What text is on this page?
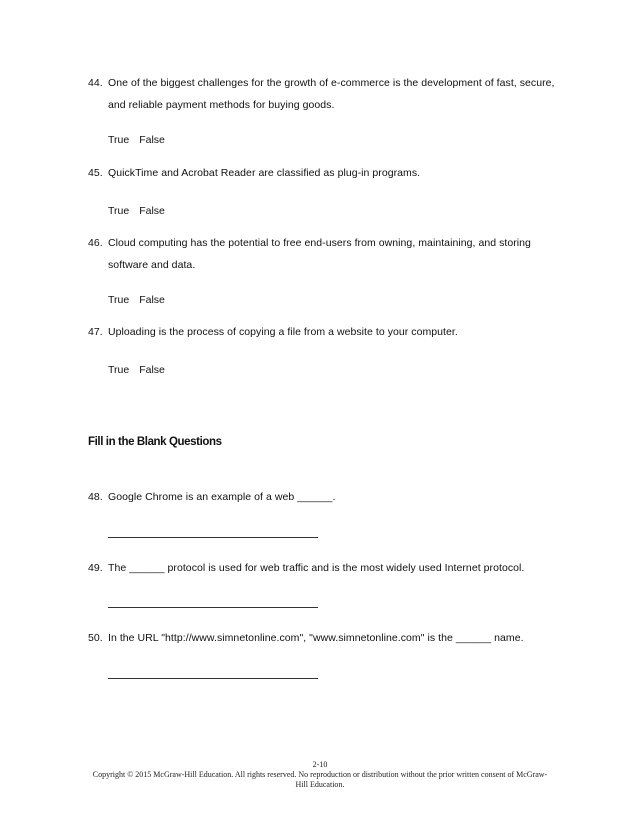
44. One of the biggest challenges for the growth of e-commerce is the development of fast, secure, and reliable payment methods for buying goods.
True False
45. QuickTime and Acrobat Reader are classified as plug-in programs.
True False
46. Cloud computing has the potential to free end-users from owning, maintaining, and storing software and data.
True False
47. Uploading is the process of copying a file from a website to your computer.
True False
Fill in the Blank Questions
48. Google Chrome is an example of a web ______.
49. The ______ protocol is used for web traffic and is the most widely used Internet protocol.
50. In the URL "http://www.simnetonline.com", "www.simnetonline.com" is the ______ name.
2-10
Copyright © 2015 McGraw-Hill Education. All rights reserved. No reproduction or distribution without the prior written consent of McGraw-Hill Education.
